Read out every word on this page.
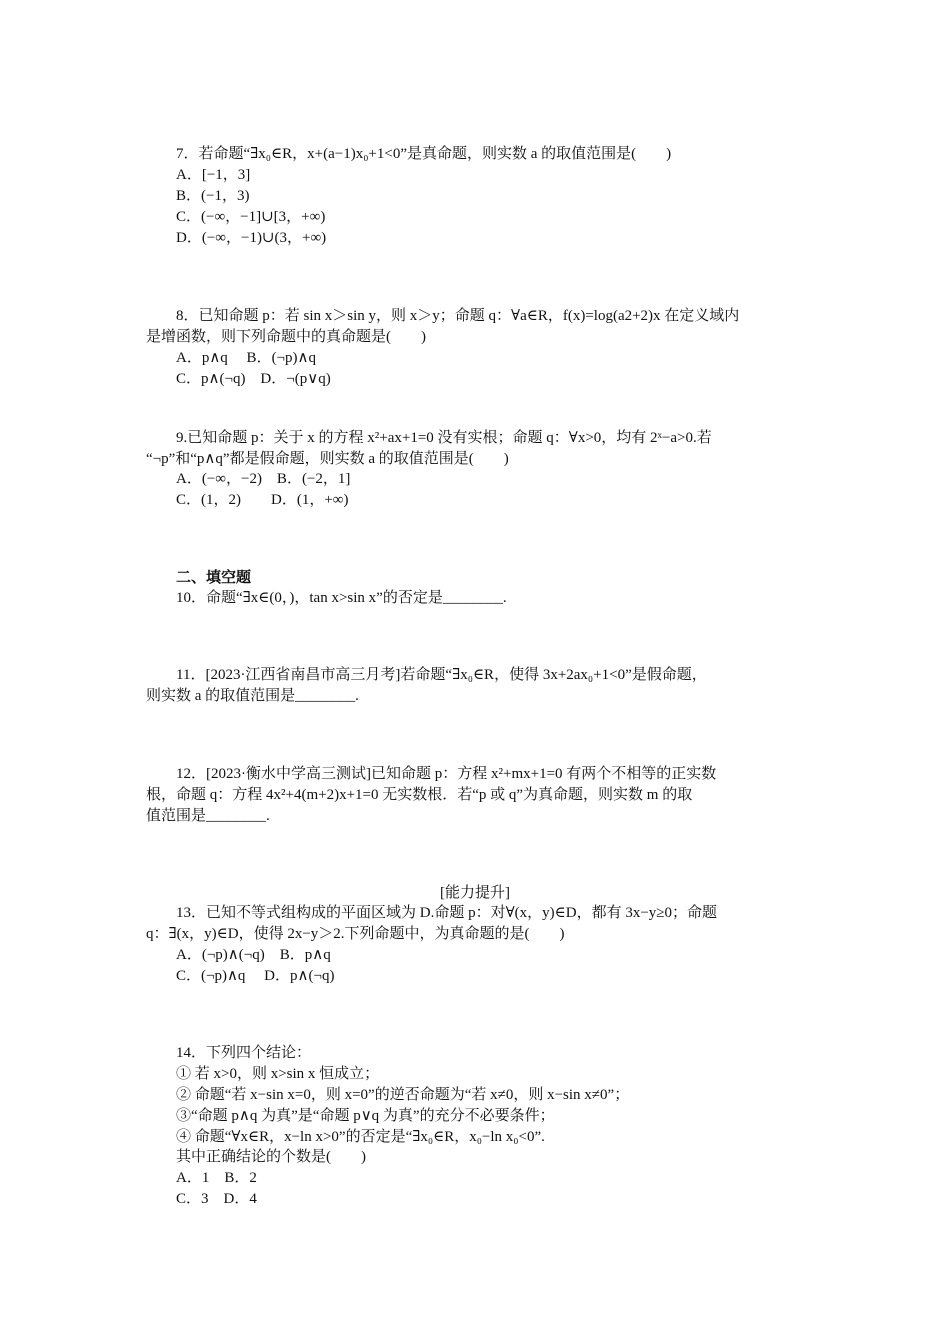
7．若命题“∃x₀∈R，x+(a−1)x₀+1<0”是真命题，则实数 a 的取值范围是(　　)
A．[−1，3]
B．(−1，3)
C．(−∞，−1]∪[3，+∞)
D．(−∞，−1)∪(3，+∞)
8．已知命题 p：若 sin x＞sin y，则 x＞y；命题 q：∀a∈R，f(x)=log(a2+2)x 在定义域内
是增函数，则下列命题中的真命题是(　　)
A．p∧q　 B．(¬p)∧q
C．p∧(¬q)　D．¬(p∨q)
9.已知命题 p：关于 x 的方程 x²+ax+1=0 没有实根；命题 q：∀x>0，均有 2ˣ−a>0.若
“¬p”和“p∧q”都是假命题，则实数 a 的取值范围是(　　)
A．(−∞，−2)　B．(−2，1]
C．(1，2)　　D．(1，+∞)
二、填空题
10．命题“∃x∈(0，)，tan x>sin x”的否定是________.
11．[2023·江西省南昌市高三月考]若命题“∃x₀∈R，使得 3x+2ax₀+1<0”是假命题，
则实数 a 的取值范围是________.
12．[2023·衡水中学高三测试]已知命题 p：方程 x²+mx+1=0 有两个不相等的正实数
根，命题 q：方程 4x²+4(m+2)x+1=0 无实数根．若“p 或 q”为真命题，则实数 m 的取
值范围是________.
[能力提升]
13．已知不等式组构成的平面区域为 D.命题 p：对∀(x，y)∈D，都有 3x−y≥0；命题
q：∃(x，y)∈D，使得 2x−y＞2.下列命题中，为真命题的是(　　)
A．(¬p)∧(¬q)　B．p∧q
C．(¬p)∧q　 D．p∧(¬q)
14．下列四个结论：
① 若 x>0，则 x>sin x 恒成立；
② 命题“若 x−sin x=0，则 x=0”的逆否命题为“若 x≠0，则 x−sin x≠0”；
③“命题 p∧q 为真”是“命题 p∨q 为真”的充分不必要条件；
④ 命题“∀x∈R，x−ln x>0”的否定是“∃x₀∈R，x₀−ln x₀<0”.
其中正确结论的个数是(　　)
A．1　B．2
C．3　D．4
